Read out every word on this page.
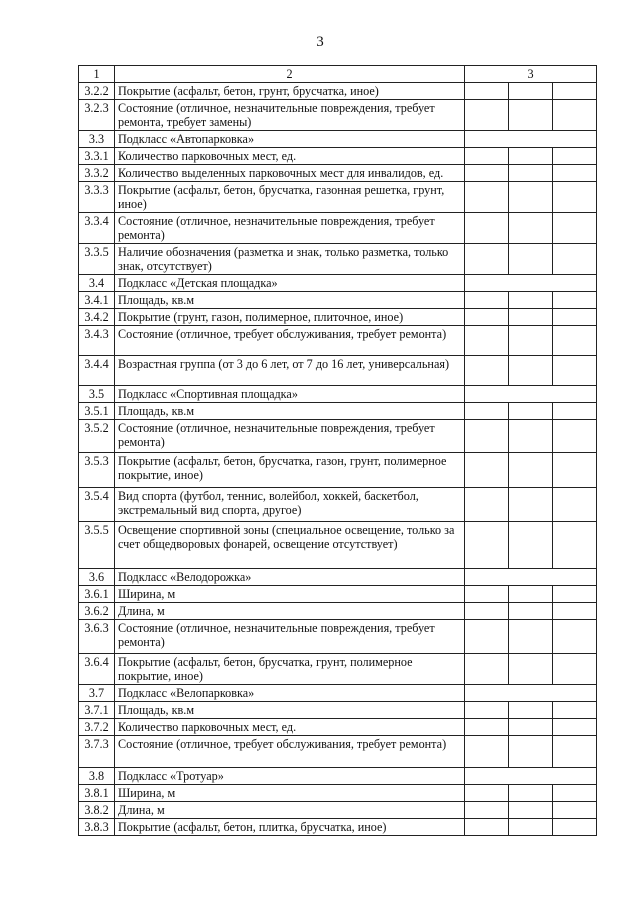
3
1	2	3		
3.2.2	Покрытие (асфальт, бетон, грунт, брусчатка, иное)			
3.2.3	Состояние (отличное, незначительные повреждения, требует ремонта, требует замены)			
3.3	Подкласс «Автопарковка»			
3.3.1	Количество парковочных мест, ед.			
3.3.2	Количество выделенных парковочных мест для инвалидов, ед.			
3.3.3	Покрытие (асфальт, бетон, брусчатка, газонная решетка, грунт, иное)			
3.3.4	Состояние (отличное, незначительные повреждения, требует ремонта)			
3.3.5	Наличие обозначения (разметка и знак, только разметка, только знак, отсутствует)			
3.4	Подкласс «Детская площадка»			
3.4.1	Площадь, кв.м			
3.4.2	Покрытие (грунт, газон, полимерное, плиточное, иное)			
3.4.3	Состояние (отличное, требует обслуживания, требует ремонта)			
3.4.4	Возрастная группа (от 3 до 6 лет, от 7 до 16 лет, универсальная)			
3.5	Подкласс «Спортивная площадка»			
3.5.1	Площадь, кв.м			
3.5.2	Состояние (отличное, незначительные повреждения, требует ремонта)			
3.5.3	Покрытие (асфальт, бетон, брусчатка, газон, грунт, полимерное покрытие, иное)			
3.5.4	Вид спорта (футбол, теннис, волейбол, хоккей, баскетбол, экстремальный вид спорта, другое)			
3.5.5	Освещение спортивной зоны (специальное освещение, только за счет общедворовых фонарей, освещение отсутствует)			
3.6	Подкласс «Велодорожка»			
3.6.1	Ширина, м			
3.6.2	Длина, м			
3.6.3	Состояние (отличное, незначительные повреждения, требует ремонта)			
3.6.4	Покрытие (асфальт, бетон, брусчатка, грунт, полимерное покрытие, иное)			
3.7	Подкласс «Велопарковка»			
3.7.1	Площадь, кв.м			
3.7.2	Количество парковочных мест, ед.			
3.7.3	Состояние (отличное, требует обслуживания, требует ремонта)			
3.8	Подкласс «Тротуар»			
3.8.1	Ширина, м			
3.8.2	Длина, м			
3.8.3	Покрытие (асфальт, бетон, плитка, брусчатка, иное)			
